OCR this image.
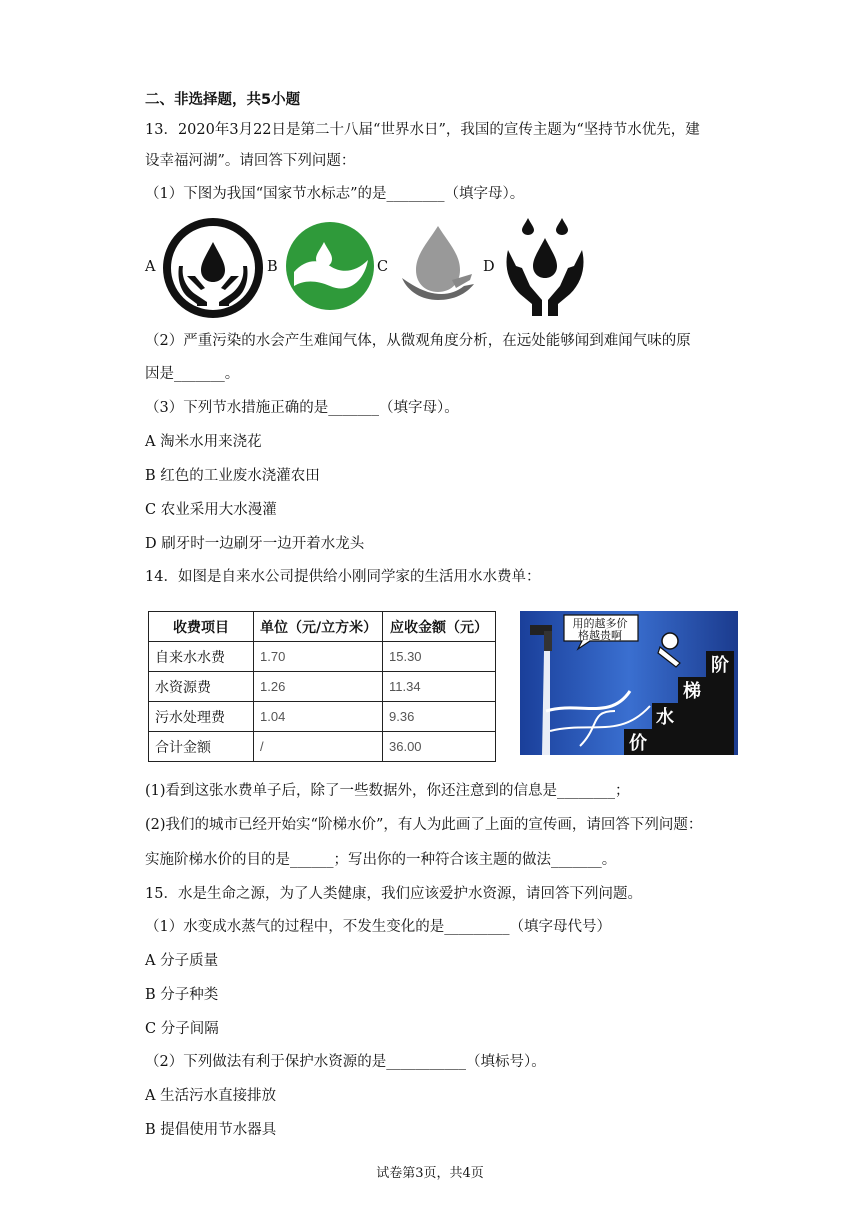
二、非选择题，共5小题
13．2020年3月22日是第二十八届“世界水日”，我国的宣传主题为“坚持节水优先，建
设幸福河湖”。请回答下列问题：
（1）下图为我国“国家节水标志”的是________（填字母）。
A	B	C	D
（2）严重污染的水会产生难闻气体，从微观角度分析，在远处能够闻到难闻气味的原
因是_______。
（3）下列节水措施正确的是_______（填字母）。
A 淘米水用来浇花
B 红色的工业废水浇灌农田
C 农业采用大水漫灌
D 刷牙时一边刷牙一边开着水龙头
14．如图是自来水公司提供给小刚同学家的生活用水水费单：
收费项目	单位（元/立方米）	应收金额（元）
自来水水费	1.70	15.30
水资源费	1.26	11.34
污水处理费	1.04	9.36
合计金额	/	36.00
用的越多价
格越贵啊
价
水
梯
阶
(1)看到这张水费单子后，除了一些数据外，你还注意到的信息是________；
(2)我们的城市已经开始实“阶梯水价”，有人为此画了上面的宣传画，请回答下列问题：
实施阶梯水价的目的是______；写出你的一种符合该主题的做法_______。
15．水是生命之源，为了人类健康，我们应该爱护水资源，请回答下列问题。
（1）水变成水蒸气的过程中，不发生变化的是_________（填字母代号）
A 分子质量
B 分子种类
C 分子间隔
（2）下列做法有利于保护水资源的是___________（填标号）。
A 生活污水直接排放
B 提倡使用节水器具
试卷第3页，共4页
